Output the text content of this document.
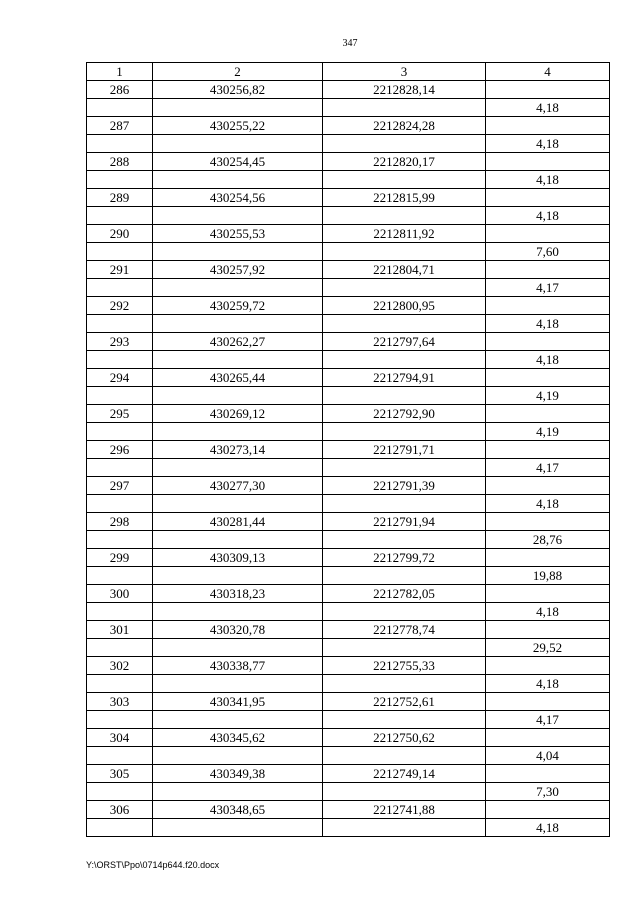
347
1	2	3	4
286	430256,82	2212828,14	
			4,18
287	430255,22	2212824,28	
			4,18
288	430254,45	2212820,17	
			4,18
289	430254,56	2212815,99	
			4,18
290	430255,53	2212811,92	
			7,60
291	430257,92	2212804,71	
			4,17
292	430259,72	2212800,95	
			4,18
293	430262,27	2212797,64	
			4,18
294	430265,44	2212794,91	
			4,19
295	430269,12	2212792,90	
			4,19
296	430273,14	2212791,71	
			4,17
297	430277,30	2212791,39	
			4,18
298	430281,44	2212791,94	
			28,76
299	430309,13	2212799,72	
			19,88
300	430318,23	2212782,05	
			4,18
301	430320,78	2212778,74	
			29,52
302	430338,77	2212755,33	
			4,18
303	430341,95	2212752,61	
			4,17
304	430345,62	2212750,62	
			4,04
305	430349,38	2212749,14	
			7,30
306	430348,65	2212741,88	
			4,18
Y:\ORST\Ppo\0714p644.f20.docx
